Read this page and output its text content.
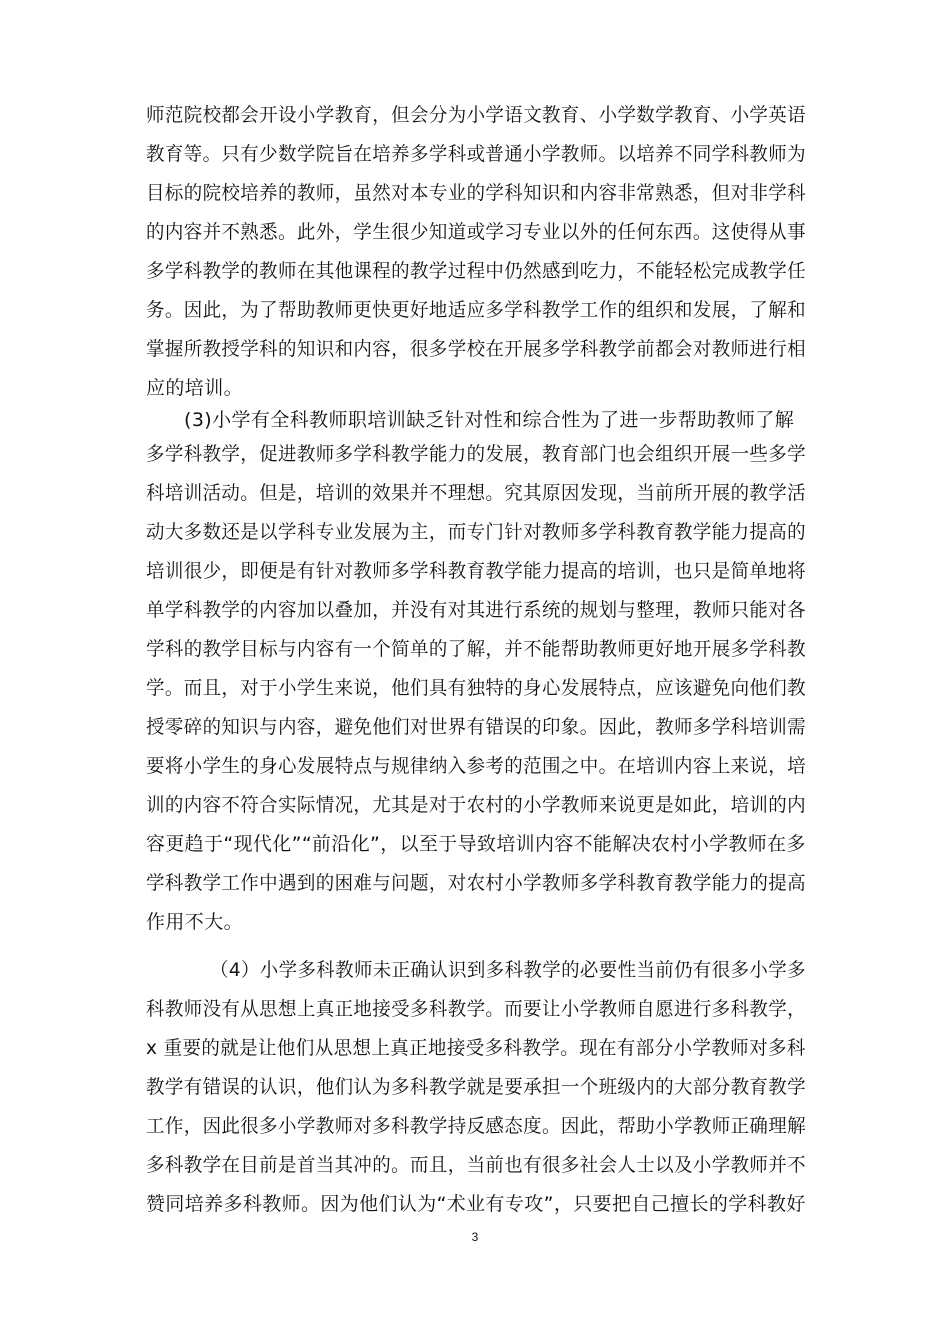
师范院校都会开设小学教育，但会分为小学语文教育、小学数学教育、小学英语
教育等。只有少数学院旨在培养多学科或普通小学教师。以培养不同学科教师为
目标的院校培养的教师，虽然对本专业的学科知识和内容非常熟悉，但对非学科
的内容并不熟悉。此外，学生很少知道或学习专业以外的任何东西。这使得从事
多学科教学的教师在其他课程的教学过程中仍然感到吃力，不能轻松完成教学任
务。因此，为了帮助教师更快更好地适应多学科教学工作的组织和发展，了解和
掌握所教授学科的知识和内容，很多学校在开展多学科教学前都会对教师进行相
应的培训。
(3)小学有全科教师职培训缺乏针对性和综合性为了进一步帮助教师了解
多学科教学，促进教师多学科教学能力的发展，教育部门也会组织开展一些多学
科培训活动。但是，培训的效果并不理想。究其原因发现，当前所开展的教学活
动大多数还是以学科专业发展为主，而专门针对教师多学科教育教学能力提高的
培训很少，即便是有针对教师多学科教育教学能力提高的培训，也只是简单地将
单学科教学的内容加以叠加，并没有对其进行系统的规划与整理，教师只能对各
学科的教学目标与内容有一个简单的了解，并不能帮助教师更好地开展多学科教
学。而且，对于小学生来说，他们具有独特的身心发展特点，应该避免向他们教
授零碎的知识与内容，避免他们对世界有错误的印象。因此，教师多学科培训需
要将小学生的身心发展特点与规律纳入参考的范围之中。在培训内容上来说，培
训的内容不符合实际情况，尤其是对于农村的小学教师来说更是如此，培训的内
容更趋于“现代化”“前沿化”，以至于导致培训内容不能解决农村小学教师在多
学科教学工作中遇到的困难与问题，对农村小学教师多学科教育教学能力的提高
作用不大。
（4）小学多科教师未正确认识到多科教学的必要性当前仍有很多小学多
科教师没有从思想上真正地接受多科教学。而要让小学教师自愿进行多科教学，
x 重要的就是让他们从思想上真正地接受多科教学。现在有部分小学教师对多科
教学有错误的认识，他们认为多科教学就是要承担一个班级内的大部分教育教学
工作，因此很多小学教师对多科教学持反感态度。因此，帮助小学教师正确理解
多科教学在目前是首当其冲的。而且，当前也有很多社会人士以及小学教师并不
赞同培养多科教师。因为他们认为“术业有专攻”，只要把自己擅长的学科教好
3
